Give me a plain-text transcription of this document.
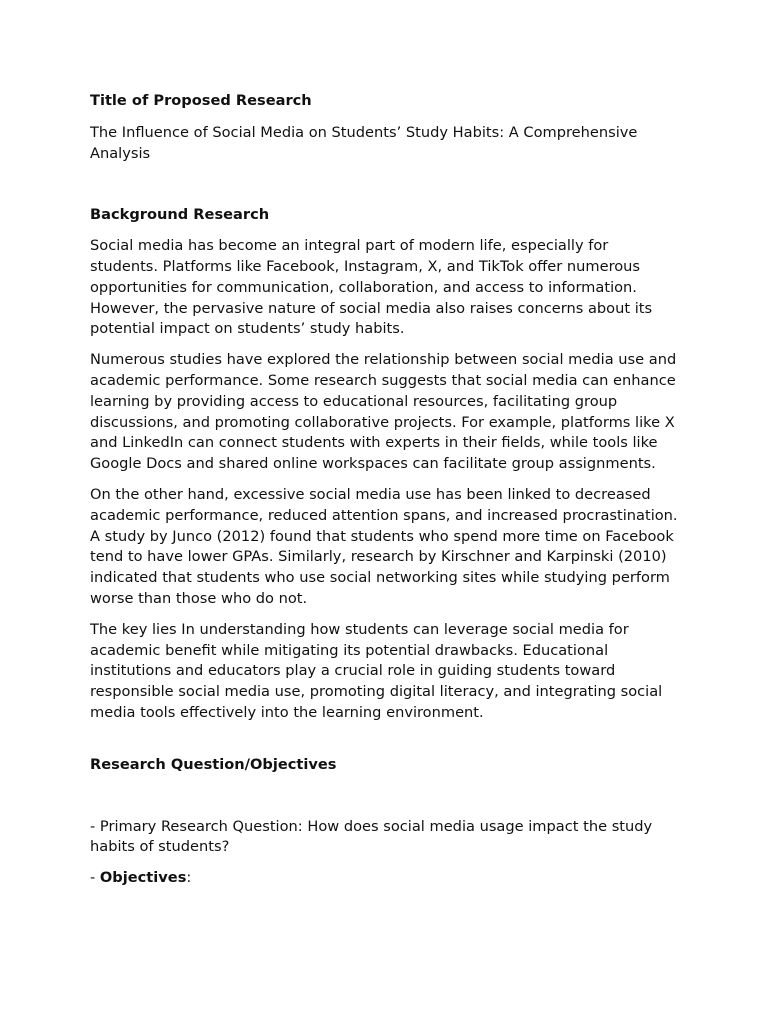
Title of Proposed Research

The Influence of Social Media on Students’ Study Habits: A Comprehensive Analysis

Background Research

Social media has become an integral part of modern life, especially for students. Platforms like Facebook, Instagram, X, and TikTok offer numerous opportunities for communication, collaboration, and access to information. However, the pervasive nature of social media also raises concerns about its potential impact on students’ study habits.

Numerous studies have explored the relationship between social media use and academic performance. Some research suggests that social media can enhance learning by providing access to educational resources, facilitating group discussions, and promoting collaborative projects. For example, platforms like X and LinkedIn can connect students with experts in their fields, while tools like Google Docs and shared online workspaces can facilitate group assignments.

On the other hand, excessive social media use has been linked to decreased academic performance, reduced attention spans, and increased procrastination. A study by Junco (2012) found that students who spend more time on Facebook tend to have lower GPAs. Similarly, research by Kirschner and Karpinski (2010) indicated that students who use social networking sites while studying perform worse than those who do not.

The key lies In understanding how students can leverage social media for academic benefit while mitigating its potential drawbacks. Educational institutions and educators play a crucial role in guiding students toward responsible social media use, promoting digital literacy, and integrating social media tools effectively into the learning environment.

Research Question/Objectives

- Primary Research Question: How does social media usage impact the study habits of students?

- Objectives:
